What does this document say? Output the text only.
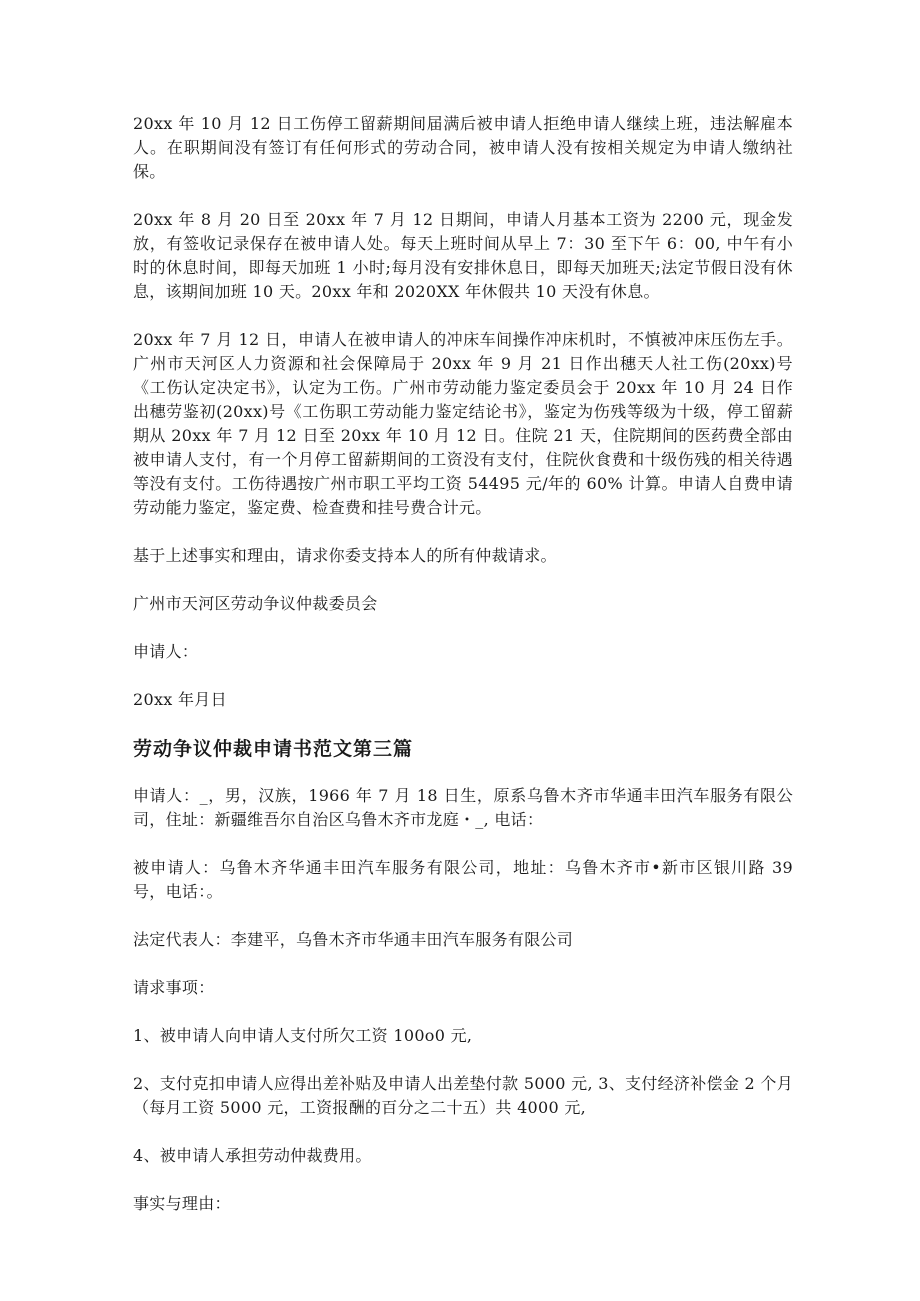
20xx 年 10 月 12 日工伤停工留薪期间届满后被申请人拒绝申请人继续上班，违法解雇本人。在职期间没有签订有任何形式的劳动合同，被申请人没有按相关规定为申请人缴纳社保。

20xx 年 8 月 20 日至 20xx 年 7 月 12 日期间，申请人月基本工资为 2200 元，现金发放，有签收记录保存在被申请人处。每天上班时间从早上 7：30 至下午 6：00, 中午有小时的休息时间，即每天加班 1 小时;每月没有安排休息日，即每天加班天;法定节假日没有休息，该期间加班 10 天。20xx 年和 2020XX 年休假共 10 天没有休息。

20xx 年 7 月 12 日，申请人在被申请人的冲床车间操作冲床机时，不慎被冲床压伤左手。广州市天河区人力资源和社会保障局于 20xx 年 9 月 21 日作出穗天人社工伤(20xx)号《工伤认定决定书》，认定为工伤。广州市劳动能力鉴定委员会于 20xx 年 10 月 24 日作出穗劳鉴初(20xx)号《工伤职工劳动能力鉴定结论书》，鉴定为伤残等级为十级，停工留薪期从 20xx 年 7 月 12 日至 20xx 年 10 月 12 日。住院 21 天，住院期间的医药费全部由被申请人支付，有一个月停工留薪期间的工资没有支付，住院伙食费和十级伤残的相关待遇等没有支付。工伤待遇按广州市职工平均工资 54495 元/年的 60% 计算。申请人自费申请劳动能力鉴定，鉴定费、检查费和挂号费合计元。

基于上述事实和理由，请求你委支持本人的所有仲裁请求。

广州市天河区劳动争议仲裁委员会

申请人：

20xx 年月日

劳动争议仲裁申请书范文第三篇

申请人：_，男，汉族，1966 年 7 月 18 日生，原系乌鲁木齐市华通丰田汽车服务有限公司，住址：新疆维吾尔自治区乌鲁木齐市龙庭・_, 电话：

被申请人：乌鲁木齐华通丰田汽车服务有限公司，地址：乌鲁木齐市•新市区银川路 39 号，电话：。

法定代表人：李建平，乌鲁木齐市华通丰田汽车服务有限公司

请求事项：

1、被申请人向申请人支付所欠工资 100o0 元,

2、支付克扣申请人应得出差补贴及申请人出差垫付款 5000 元, 3、支付经济补偿金 2 个月（每月工资 5000 元，工资报酬的百分之二十五）共 4000 元,

4、被申请人承担劳动仲裁费用。

事实与理由：
